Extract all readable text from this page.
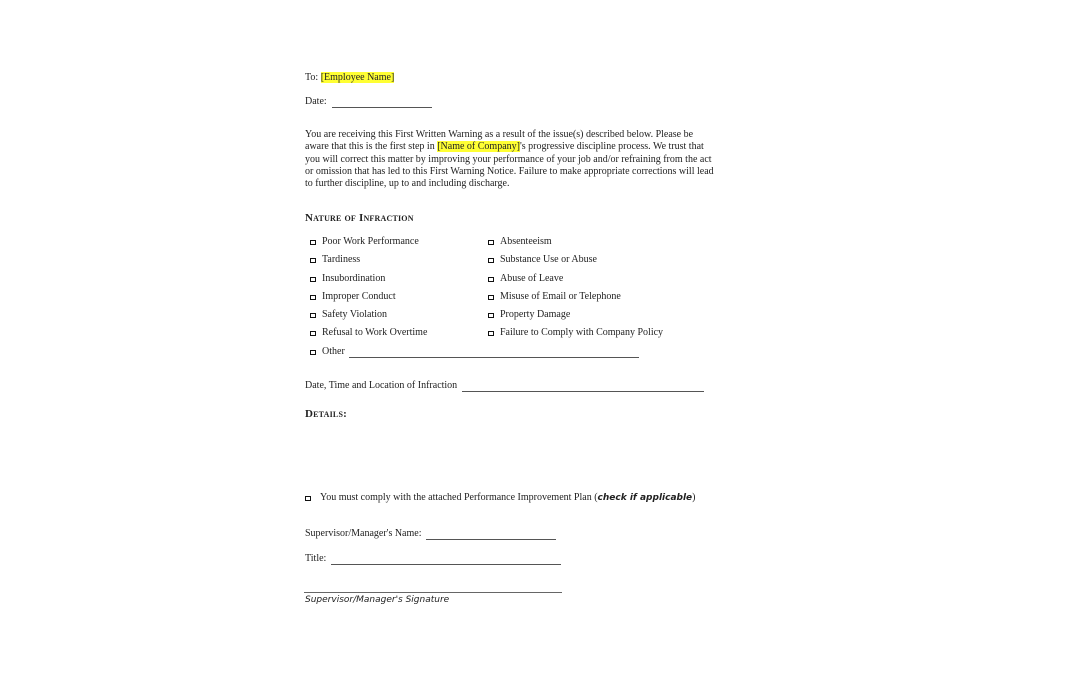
To: [Employee Name]
Date:
You are receiving this First Written Warning as a result of the issue(s) described below. Please be aware that this is the first step in [Name of Company]'s progressive discipline process. We trust that you will correct this matter by improving your performance of your job and/or refraining from the act or omission that has led to this First Warning Notice. Failure to make appropriate corrections will lead to further discipline, up to and including discharge.
Nature of Infraction
Poor Work Performance
Tardiness
Insubordination
Improper Conduct
Safety Violation
Refusal to Work Overtime
Other
Absenteeism
Substance Use or Abuse
Abuse of Leave
Misuse of Email or Telephone
Property Damage
Failure to Comply with Company Policy
Date, Time and Location of Infraction
Details:
You must comply with the attached Performance Improvement Plan (check if applicable)
Supervisor/Manager's Name:
Title:
Supervisor/Manager's Signature
